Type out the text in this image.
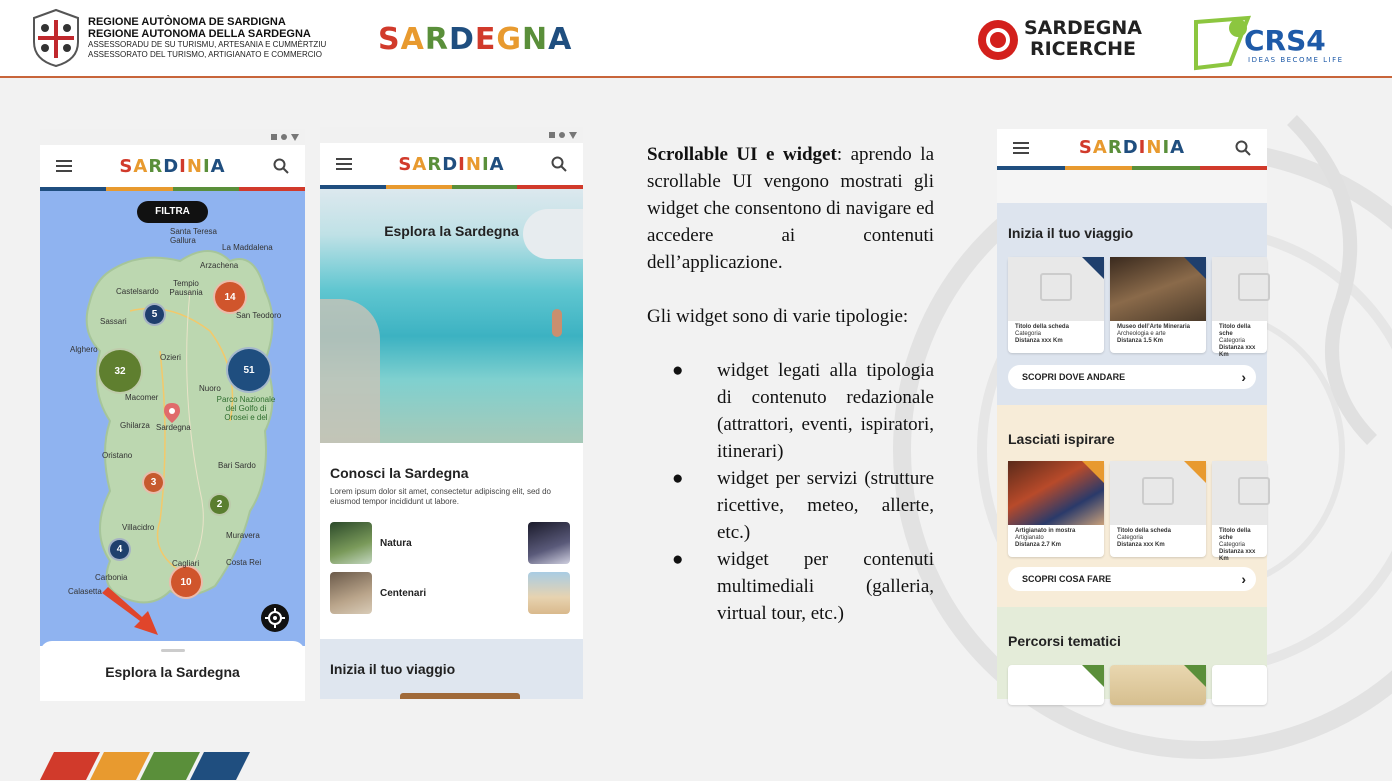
REGIONE AUTÒNOMA DE SARDIGNA
REGIONE AUTONOMA DELLA SARDEGNA
ASSESSORADU DE SU TURISMU, ARTESANIA E CUMMÈRTZIU
ASSESSORATO DEL TURISMO, ARTIGIANATO E COMMERCIO SARDEGNA	SARDEGNA
RICERCHE	CRS4
IDEAS BECOME LIFE
SARDINIA
FILTRA
32	51
14
5
3
2
4
10
Santa Teresa Gallura
La Maddalena
Arzachena
Castelsardo
Tempio Pausania
Sassari
San Teodoro
Alghero
Ozieri
Nuoro
Parco Nazionale del Golfo di Orosei e del
Macomer
Ghilarza Sardegna
Bari Sardo
Oristano
Villacidro
Muravera
Costa Rei
Carbonia
Cagliari
Calasetta
Esplora la Sardegna
SARDINIA
Esplora la Sardegna
Conosci la Sardegna

Lorem ipsum dolor sit amet, consectetur adipiscing elit, sed do eiusmod tempor incididunt ut labore.

Natura
Centenari
Inizia il tuo viaggio
Scrollable UI e widget: aprendo la scrollable UI vengono mostrati gli widget che consentono di navigare ed accedere ai contenuti dell’applicazione.
Gli widget sono di varie tipologie:
● widget legati alla tipologia di contenuto redazionale (attrattori, eventi, ispiratori, itinerari)
● widget per servizi (strutture ricettive, meteo, allerte, etc.)
● widget per contenuti multimediali (galleria, virtual tour, etc.)
SARDINIA
Inizia il tuo viaggio
Titolo della scheda
Categoria
Distanza xxx Km
Museo dell’Arte Mineraria
Archeologia e arte
Distanza 1.5 Km
Titolo della sche
Categoria
Distanza xxx Km
SCOPRI DOVE ANDARE	›
Lasciati ispirare
Artigianato in mostra
Artigianato
Distanza 2.7 Km
Titolo della scheda
Categoria
Distanza xxx Km
Titolo della sche
Categoria
Distanza xxx Km
SCOPRI COSA FARE	›
Percorsi tematici
